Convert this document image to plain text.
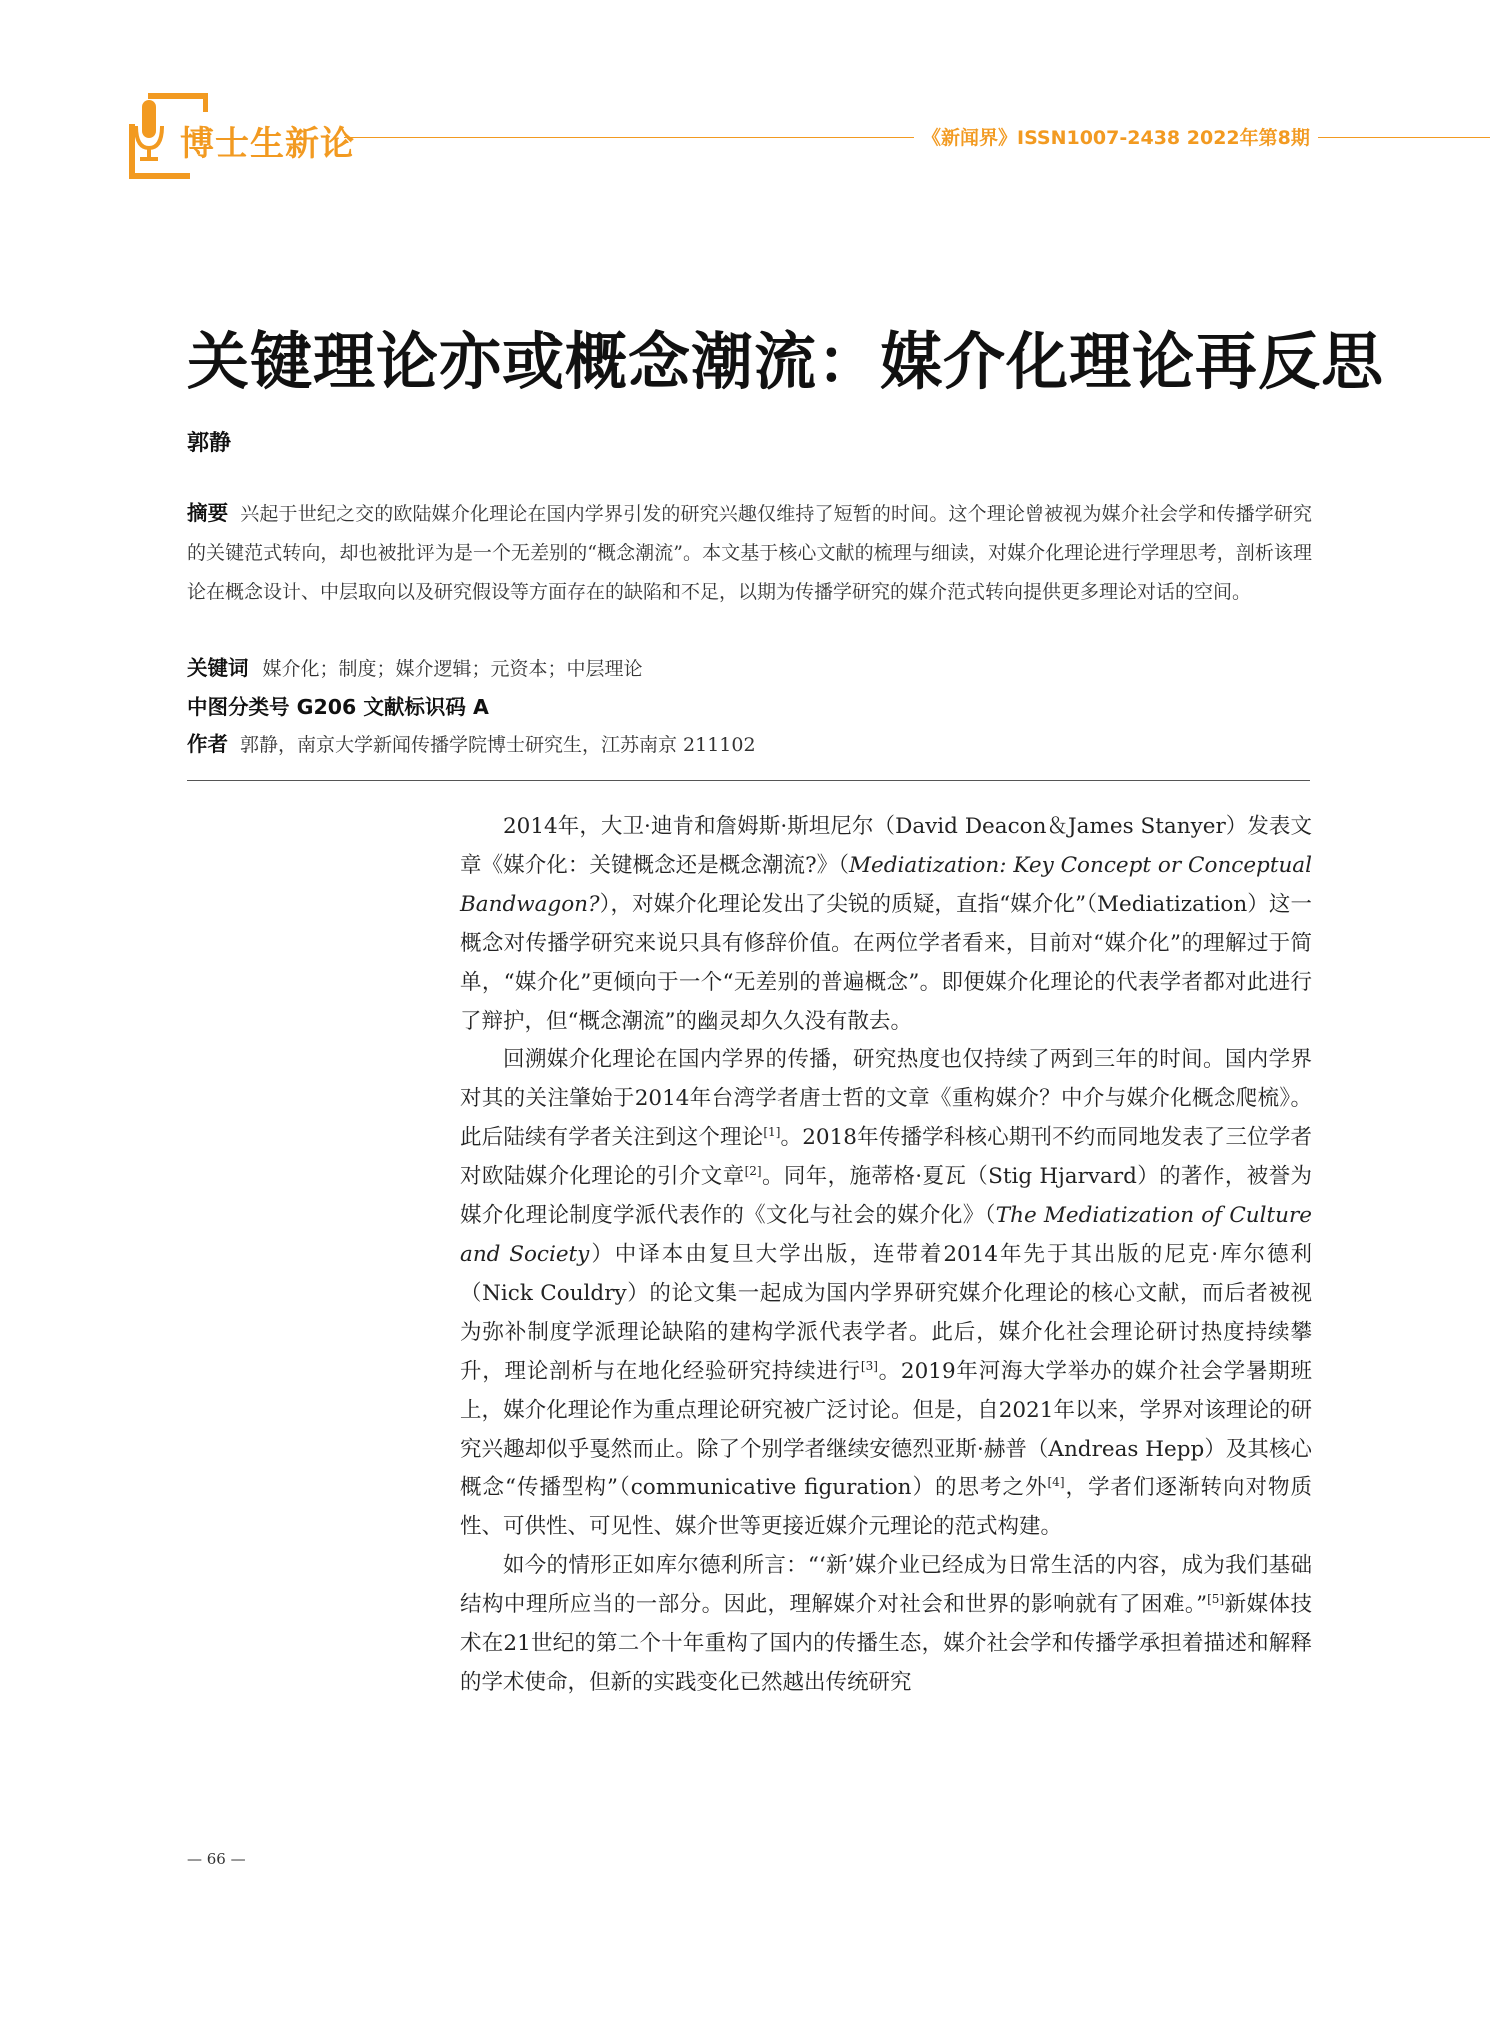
博士生新论	《新闻界》ISSN1007-2438 2022年第8期
关键理论亦或概念潮流：媒介化理论再反思
郭静
摘要 兴起于世纪之交的欧陆媒介化理论在国内学界引发的研究兴趣仅维持了短暂的时间。这个理论曾被视为媒介社会学和传播学研究的关键范式转向，却也被批评为是一个无差别的“概念潮流”。本文基于核心文献的梳理与细读，对媒介化理论进行学理思考，剖析该理论在概念设计、中层取向以及研究假设等方面存在的缺陷和不足，以期为传播学研究的媒介范式转向提供更多理论对话的空间。
关键词 媒介化；制度；媒介逻辑；元资本；中层理论
中图分类号 G206 文献标识码 A
作者 郭静，南京大学新闻传播学院博士研究生，江苏南京 211102

2014年，大卫·迪肯和詹姆斯·斯坦尼尔（David Deacon＆James Stanyer）发表文章《媒介化：关键概念还是概念潮流?》（Mediatization: Key Concept or Conceptual Bandwagon?），对媒介化理论发出了尖锐的质疑，直指“媒介化”（Mediatization）这一概念对传播学研究来说只具有修辞价值。在两位学者看来，目前对“媒介化”的理解过于简单，“媒介化”更倾向于一个“无差别的普遍概念”。即便媒介化理论的代表学者都对此进行了辩护，但“概念潮流”的幽灵却久久没有散去。

回溯媒介化理论在国内学界的传播，研究热度也仅持续了两到三年的时间。国内学界对其的关注肇始于2014年台湾学者唐士哲的文章《重构媒介？中介与媒介化概念爬梳》。此后陆续有学者关注到这个理论[1]。2018年传播学科核心期刊不约而同地发表了三位学者对欧陆媒介化理论的引介文章[2]。同年，施蒂格·夏瓦（Stig Hjarvard）的著作，被誉为媒介化理论制度学派代表作的《文化与社会的媒介化》（The Mediatization of Culture and Society）中译本由复旦大学出版，连带着2014年先于其出版的尼克·库尔德利（Nick Couldry）的论文集一起成为国内学界研究媒介化理论的核心文献，而后者被视为弥补制度学派理论缺陷的建构学派代表学者。此后，媒介化社会理论研讨热度持续攀升，理论剖析与在地化经验研究持续进行[3]。2019年河海大学举办的媒介社会学暑期班上，媒介化理论作为重点理论研究被广泛讨论。但是，自2021年以来，学界对该理论的研究兴趣却似乎戛然而止。除了个别学者继续安德烈亚斯·赫普（Andreas Hepp）及其核心概念“传播型构”（communicative figuration）的思考之外[4]，学者们逐渐转向对物质性、可供性、可见性、媒介世等更接近媒介元理论的范式构建。

如今的情形正如库尔德利所言：“‘新’媒介业已经成为日常生活的内容，成为我们基础结构中理所应当的一部分。因此，理解媒介对社会和世界的影响就有了困难。”[5]新媒体技术在21世纪的第二个十年重构了国内的传播生态，媒介社会学和传播学承担着描述和解释的学术使命，但新的实践变化已然越出传统研究

— 66 —
